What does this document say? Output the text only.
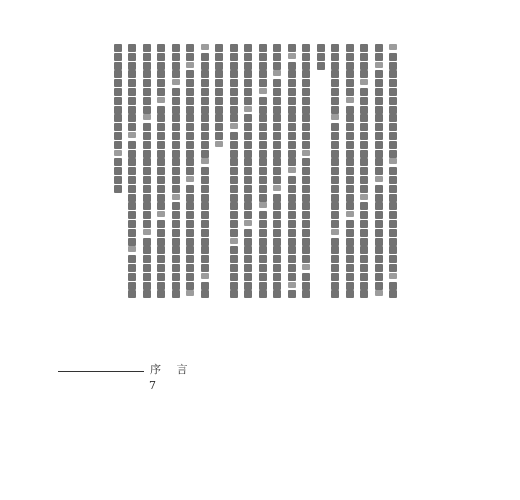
序 言
7
